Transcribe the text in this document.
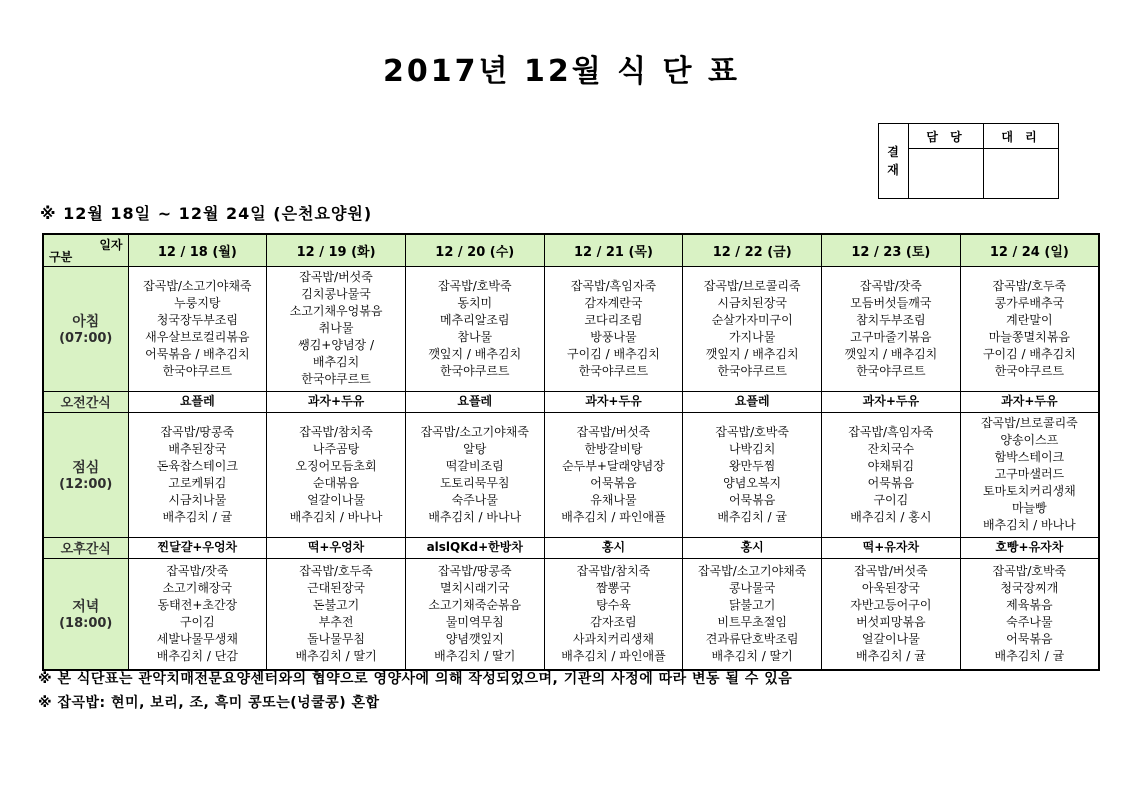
2017년 12월 식 단 표
결재	담 당	대 리

※ 12월 18일 ~ 12월 24일 (은천요양원)
일자
구분	12 / 18 (월)	12 / 19 (화)	12 / 20 (수)	12 / 21 (목)	12 / 22 (금)	12 / 23 (토)	12 / 24 (일)

아침
(07:00)

잡곡밥/소고기야채죽
누룽지탕
청국장두부조림
새우살브로컬리볶음
어묵볶음 / 배추김치
한국야쿠르트

잡곡밥/버섯죽
김치콩나물국
소고기채우엉볶음
취나물
쌩김+양념장 /
배추김치
한국야쿠르트

잡곡밥/호박죽
동치미
메추리알조림
참나물
깻잎지 / 배추김치
한국야쿠르트

잡곡밥/흑임자죽
감자계란국
코다리조림
방풍나물
구이김 / 배추김치
한국야쿠르트

잡곡밥/브로콜리죽
시금치된장국
순살가자미구이
가지나물
깻잎지 / 배추김치
한국야쿠르트

잡곡밥/잣죽
모듬버섯들깨국
참치두부조림
고구마줄기볶음
깻잎지 / 배추김치
한국야쿠르트

잡곡밥/호두죽
콩가루배추국
계란말이
마늘쫑멸치볶음
구이김 / 배추김치
한국야쿠르트

오전간식	요플레	과자+두유	요플레	과자+두유	요플레	과자+두유	과자+두유

점심
(12:00)

잡곡밥/땅콩죽
배추된장국
돈육찹스테이크
고로케튀김
시금치나물
배추김치 / 귤

잡곡밥/참치죽
나주곰탕
오징어모듬초회
순대볶음
얼갈이나물
배추김치 / 바나나

잡곡밥/소고기야채죽
알탕
떡갈비조림
도토리묵무침
숙주나물
배추김치 / 바나나

잡곡밥/버섯죽
한방갈비탕
순두부+달래양념장
어묵볶음
유채나물
배추김치 / 파인애플

잡곡밥/호박죽
나박김치
왕만두찜
양념오복지
어묵볶음
배추김치 / 귤

잡곡밥/흑임자죽
잔치국수
야채튀김
어묵볶음
구이김
배추김치 / 홍시

잡곡밥/브로콜리죽
양송이스프
함박스테이크
고구마샐러드
토마토치커리생채
마늘빵
배추김치 / 바나나

오후간식	찐달걀+우엉차	떡+우엉차	alslQKd+한방차	홍시	홍시	떡+유자차	호빵+유자차

저녁
(18:00)

잡곡밥/잣죽
소고기해장국
동태전+초간장
구이김
세발나물무생채
배추김치 / 단감

잡곡밥/호두죽
근대된장국
돈불고기
부추전
돌나물무침
배추김치 / 딸기

잡곡밥/땅콩죽
멸치시래기국
소고기채죽순볶음
물미역무침
양념깻잎지
배추김치 / 딸기

잡곡밥/참치죽
짬뽕국
탕수육
감자조림
사과치커리생채
배추김치 / 파인애플

잡곡밥/소고기야채죽
콩나물국
닭불고기
비트무초절임
견과류단호박조림
배추김치 / 딸기

잡곡밥/버섯죽
아욱된장국
자반고등어구이
버섯피망볶음
얼갈이나물
배추김치 / 귤

잡곡밥/호박죽
청국장찌개
제육볶음
숙주나물
어묵볶음
배추김치 / 귤
※ 본 식단표는 관악치매전문요양센터와의 협약으로 영양사에 의해 작성되었으며, 기관의 사정에 따라 변동 될 수 있음
※ 잡곡밥: 현미, 보리, 조, 흑미 콩또는(넝쿨콩) 혼합
